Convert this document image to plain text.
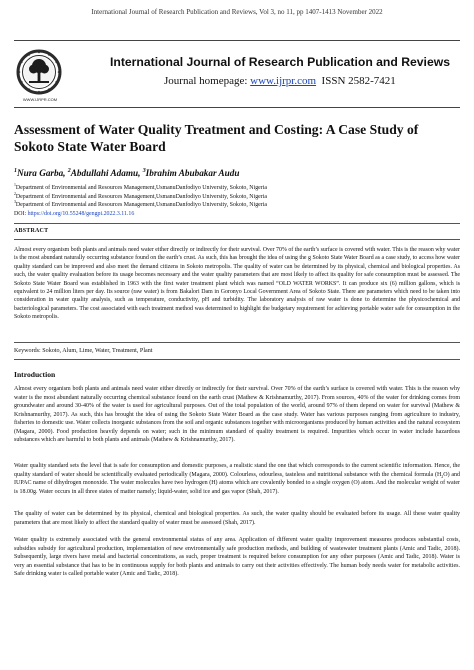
International Journal of Research Publication and Reviews, Vol 3, no 11, pp 1407-1413 November 2022
WWW.IJRPR.COM
International Journal of Research Publication and Reviews
Journal homepage: www.ijrpr.com ISSN 2582-7421
Assessment of Water Quality Treatment and Costing: A Case Study of Sokoto State Water Board
$^1$Nura Garba, $^2$Abdullahi Adamu, $^3$Ibrahim Abubakar Audu
$^1$Department of Environmental and Resources Management,UsmanuDanfodiyo University, Sokoto, Nigeria
$^2$Department of Environmental and Resources Management,UsmanuDanfodiyo University, Sokoto, Nigeria
$^3$Department of Environmental and Resources Management,UsmanuDanfodiyo University, Sokoto, Nigeria
DOI: https://doi.org/10.55248/gengpi.2022.3.11.16
ABSTRACT
Almost every organism both plants and animals need water either directly or indirectly for their survival. Over 70% of the earth’s surface is covered with water. This is the reason why water is the most abundant naturally occurring substance found on the earth’s crust. As such, this has brought the idea of using the g Sokoto State Water Board as a case study, to access how water quality standard can be improved and also meet the demand citizens in Sokoto metropolis. The quality of water can be determined by its physical, chemical and biological properties. As such, the water quality evaluation before its usage becomes necessary and the water quality parameters that are most likely to affect its quality for safe consumption must be assessed. The Sokoto State Water Board was established in 1963 with the first water treatment plant which was named “OLD WATER WORKS”. It can produce six (6) million gallons, which is equivalent to 24 million liters per day. Its source (raw water) is from Bakalori Dam in Goronyo Local Government Area of Sokoto State. There are parameters which need to be taken into consideration in water quality analysis, such as temperature, conductivity, pH and turbidity. The laboratory analysis of raw water is done to determine the physicochemical and bacteriological parameters. The cost associated with each treatment method was determined to highlight the budgetary requirement for achieving portable water safe for consumption in the Sokoto metropolis.
Keywords: Sokoto, Alum, Lime, Water, Treatment, Plant
Introduction
Almost every organism both plants and animals need water either directly or indirectly for their survival. Over 70% of the earth’s surface is covered with water. This is the reason why water is the most abundant naturally occurring chemical substance found on the earth crust (Mathew & Krishnamurthy, 2017). From sources, 40% of the water for drinking comes from groundwater and around 30-40% of the water is used for agricultural purposes. Out of the total population of the world, around 97% of them depend on water for survival (Mathew & Krishnamurthy, 2017). As such, this has brought the idea of using the Sokoto State Water Board as the case study. Water has various purposes ranging from agriculture to industry, fisheries to domestic use. Water collects inorganic substances from the soil and organic substances together with microorganisms produced by human activities and the natural ecosystem (Magara, 2000). Food production heavily depends on water; such in the minimum standard of quality treatment is required. Impurities which occur in water include hazardous substances which are harmful to both plants and animals (Mathew & Krishnamurthy, 2017).
Water quality standard sets the level that is safe for consumption and domestic purposes, a realistic stand the one that which corresponds to the current scientific information. Hence, the quality standard of water should be scientifically evaluated periodically (Magara, 2000). Colourless, odourless, tasteless and nutritional substance with the chemical formula $(H_2O)$ and IUPAC name of dihydrogen monoxide. The water molecules have two hydrogen (H) atoms which are covalently bonded to a single oxygen (O) atom. And the molecular weight of water is 18.00g. Water occurs in all three states of matter namely; liquid-water, solid ice and gas vapor (Shah, 2017).
The quality of water can be determined by its physical, chemical and biological properties. As such, the water quality should be evaluated before its usage. All these water quality parameters that are most likely to affect the standard quality of water must be assessed (Shah, 2017).
Water quality is extremely associated with the general environmental status of any area. Application of different water quality improvement measures produces substantial costs, subsidies subsidy for agricultural production, implementation of new environmentally safe production methods, and building of wastewater treatment plants (Amic and Tadic, 2018). Subsequently, large rivers have metal and bacterial concentrations, as such, proper treatment is required before consumption for any other purposes (Amic and Tadic, 2018). Water is very an essential substance that has to be in continuous supply for both plants and animals to carry out their activities effectively. The human body needs water for metabolic activities. Safe drinking water is called portable water (Amic and Tadic, 2018).
